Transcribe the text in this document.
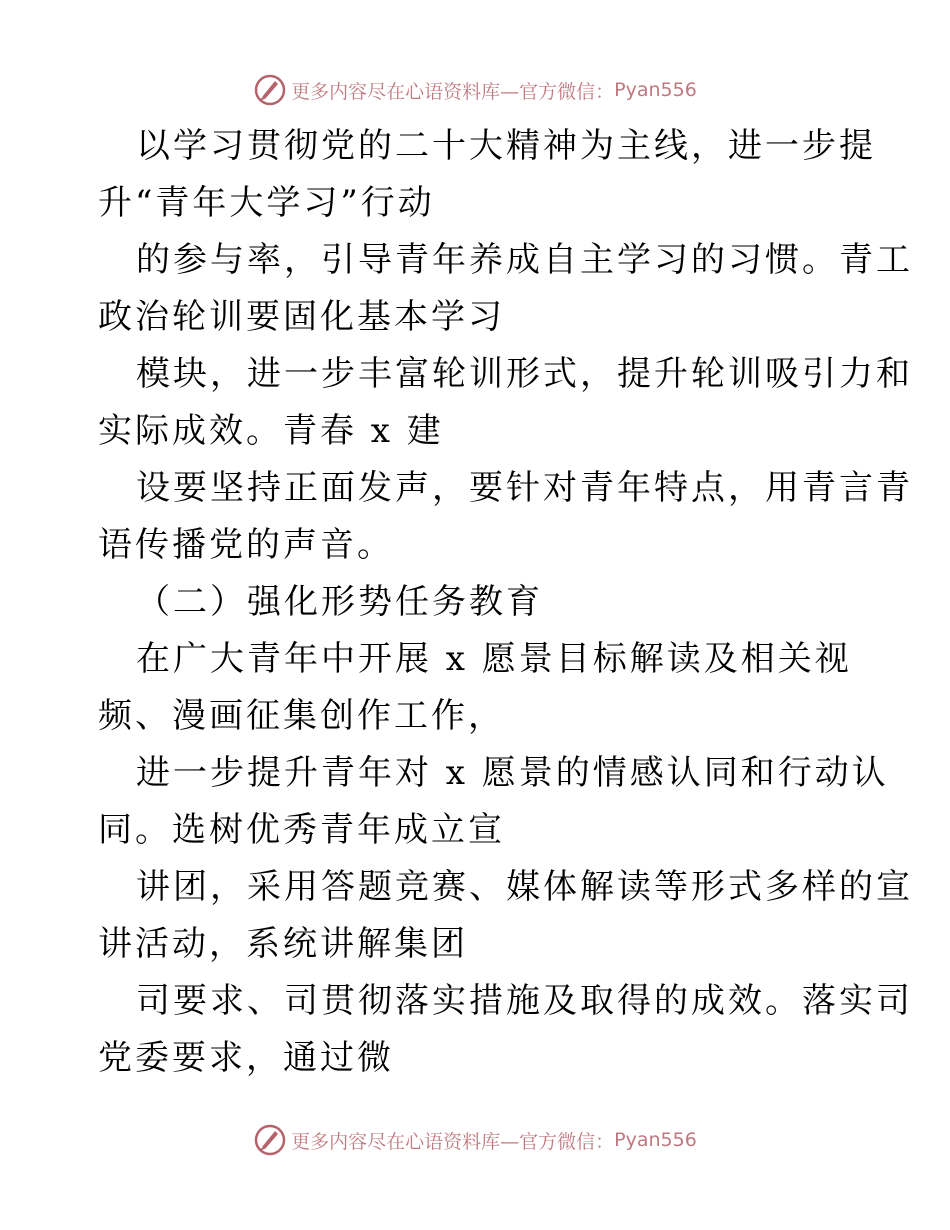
更多内容尽在心语资料库—官方微信： Pyan556
以学习贯彻党的二十大精神为主线，进一步提
升“青年大学习”行动
的参与率，引导青年养成自主学习的习惯。青工
政治轮训要固化基本学习
模块，进一步丰富轮训形式，提升轮训吸引力和
实际成效。青春 x 建
设要坚持正面发声，要针对青年特点，用青言青
语传播党的声音。
（二）强化形势任务教育
在广大青年中开展 x 愿景目标解读及相关视
频、漫画征集创作工作，
进一步提升青年对 x 愿景的情感认同和行动认
同。选树优秀青年成立宣
讲团，采用答题竞赛、媒体解读等形式多样的宣
讲活动，系统讲解集团
司要求、司贯彻落实措施及取得的成效。落实司
党委要求，通过微
更多内容尽在心语资料库—官方微信： Pyan556
